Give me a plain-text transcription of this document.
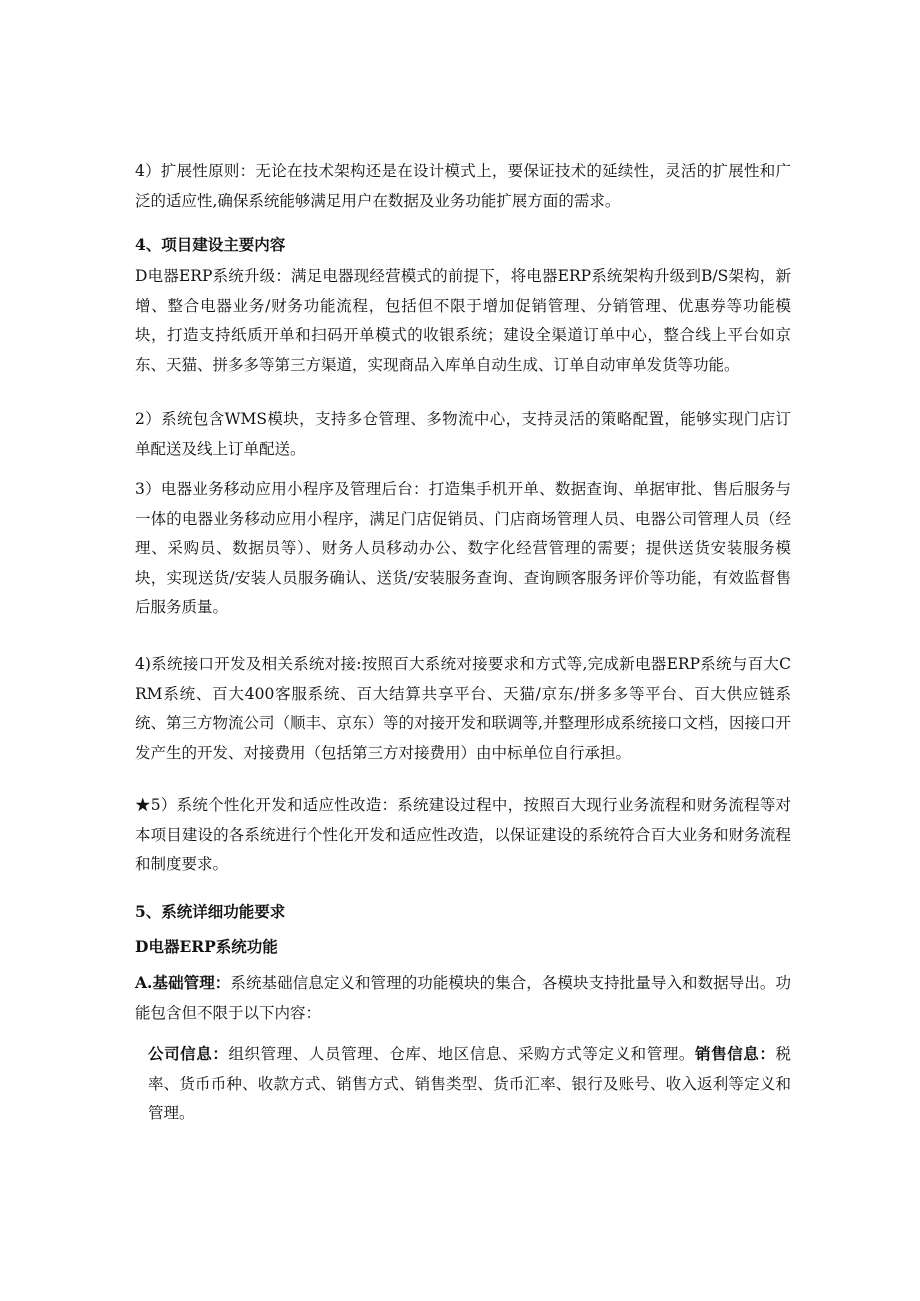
4）扩展性原则：无论在技术架构还是在设计模式上，要保证技术的延续性，灵活的扩展性和广泛的适应性,确保系统能够满足用户在数据及业务功能扩展方面的需求。
4、项目建设主要内容
D电器ERP系统升级：满足电器现经营模式的前提下，将电器ERP系统架构升级到B/S架构，新增、整合电器业务/财务功能流程，包括但不限于增加促销管理、分销管理、优惠券等功能模块，打造支持纸质开单和扫码开单模式的收银系统；建设全渠道订单中心，整合线上平台如京东、天猫、拼多多等第三方渠道，实现商品入库单自动生成、订单自动审单发货等功能。
2）系统包含WMS模块，支持多仓管理、多物流中心，支持灵活的策略配置，能够实现门店订单配送及线上订单配送。
3）电器业务移动应用小程序及管理后台：打造集手机开单、数据查询、单据审批、售后服务与一体的电器业务移动应用小程序，满足门店促销员、门店商场管理人员、电器公司管理人员（经理、采购员、数据员等）、财务人员移动办公、数字化经营管理的需要；提供送货安装服务模块，实现送货/安装人员服务确认、送货/安装服务查询、查询顾客服务评价等功能，有效监督售后服务质量。
4)系统接口开发及相关系统对接:按照百大系统对接要求和方式等,完成新电器ERP系统与百大CRM系统、百大400客服系统、百大结算共享平台、天猫/京东/拼多多等平台、百大供应链系统、第三方物流公司（顺丰、京东）等的对接开发和联调等,并整理形成系统接口文档，因接口开发产生的开发、对接费用（包括第三方对接费用）由中标单位自行承担。
★5）系统个性化开发和适应性改造：系统建设过程中，按照百大现行业务流程和财务流程等对本项目建设的各系统进行个性化开发和适应性改造，以保证建设的系统符合百大业务和财务流程和制度要求。
5、系统详细功能要求
D电器ERP系统功能
A.基础管理：系统基础信息定义和管理的功能模块的集合，各模块支持批量导入和数据导出。功能包含但不限于以下内容：
公司信息：组织管理、人员管理、仓库、地区信息、采购方式等定义和管理。销售信息：税率、货币币种、收款方式、销售方式、销售类型、货币汇率、银行及账号、收入返利等定义和管理。
